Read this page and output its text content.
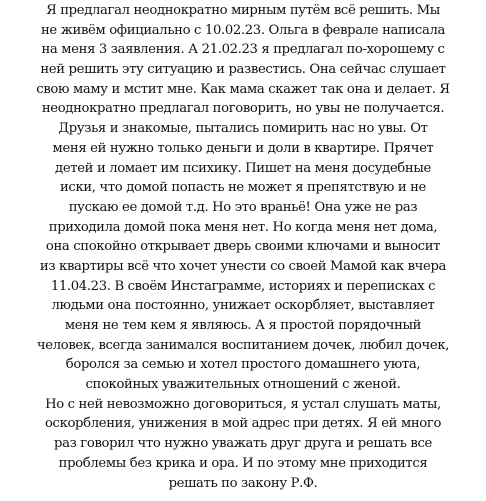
Я предлагал неоднократно мирным путём всё решить. Мы
не живём официально с 10.02.23. Ольга в феврале написала
на меня 3 заявления. А 21.02.23 я предлагал по-хорошему с
ней решить эту ситуацию и развестись. Она сейчас слушает
свою маму и мстит мне. Как мама скажет так она и делает. Я
неоднократно предлагал поговорить, но увы не получается.
Друзья и знакомые, пытались помирить нас но увы. От
меня ей нужно только деньги и доли в квартире. Прячет
детей и ломает им психику. Пишет на меня досудебные
иски, что домой попасть не может я препятствую и не
пускаю ее домой т.д. Но это враньё! Она уже не раз
приходила домой пока меня нет. Но когда меня нет дома,
она спокойно открывает дверь своими ключами и выносит
из квартиры всё что хочет унести со своей Мамой как вчера
11.04.23. В своём Инстаграмме, историях и переписках с
людьми она постоянно, унижает оскорбляет, выставляет
меня не тем кем я являюсь. А я простой порядочный
человек, всегда занимался воспитанием дочек, любил дочек,
боролся за семью и хотел простого домашнего уюта,
спокойных уважительных отношений с женой.
Но с ней невозможно договориться, я устал слушать маты,
оскорбления, унижения в мой адрес при детях. Я ей много
раз говорил что нужно уважать друг друга и решать все
проблемы без крика и ора. И по этому мне приходится
решать по закону Р.Ф.
